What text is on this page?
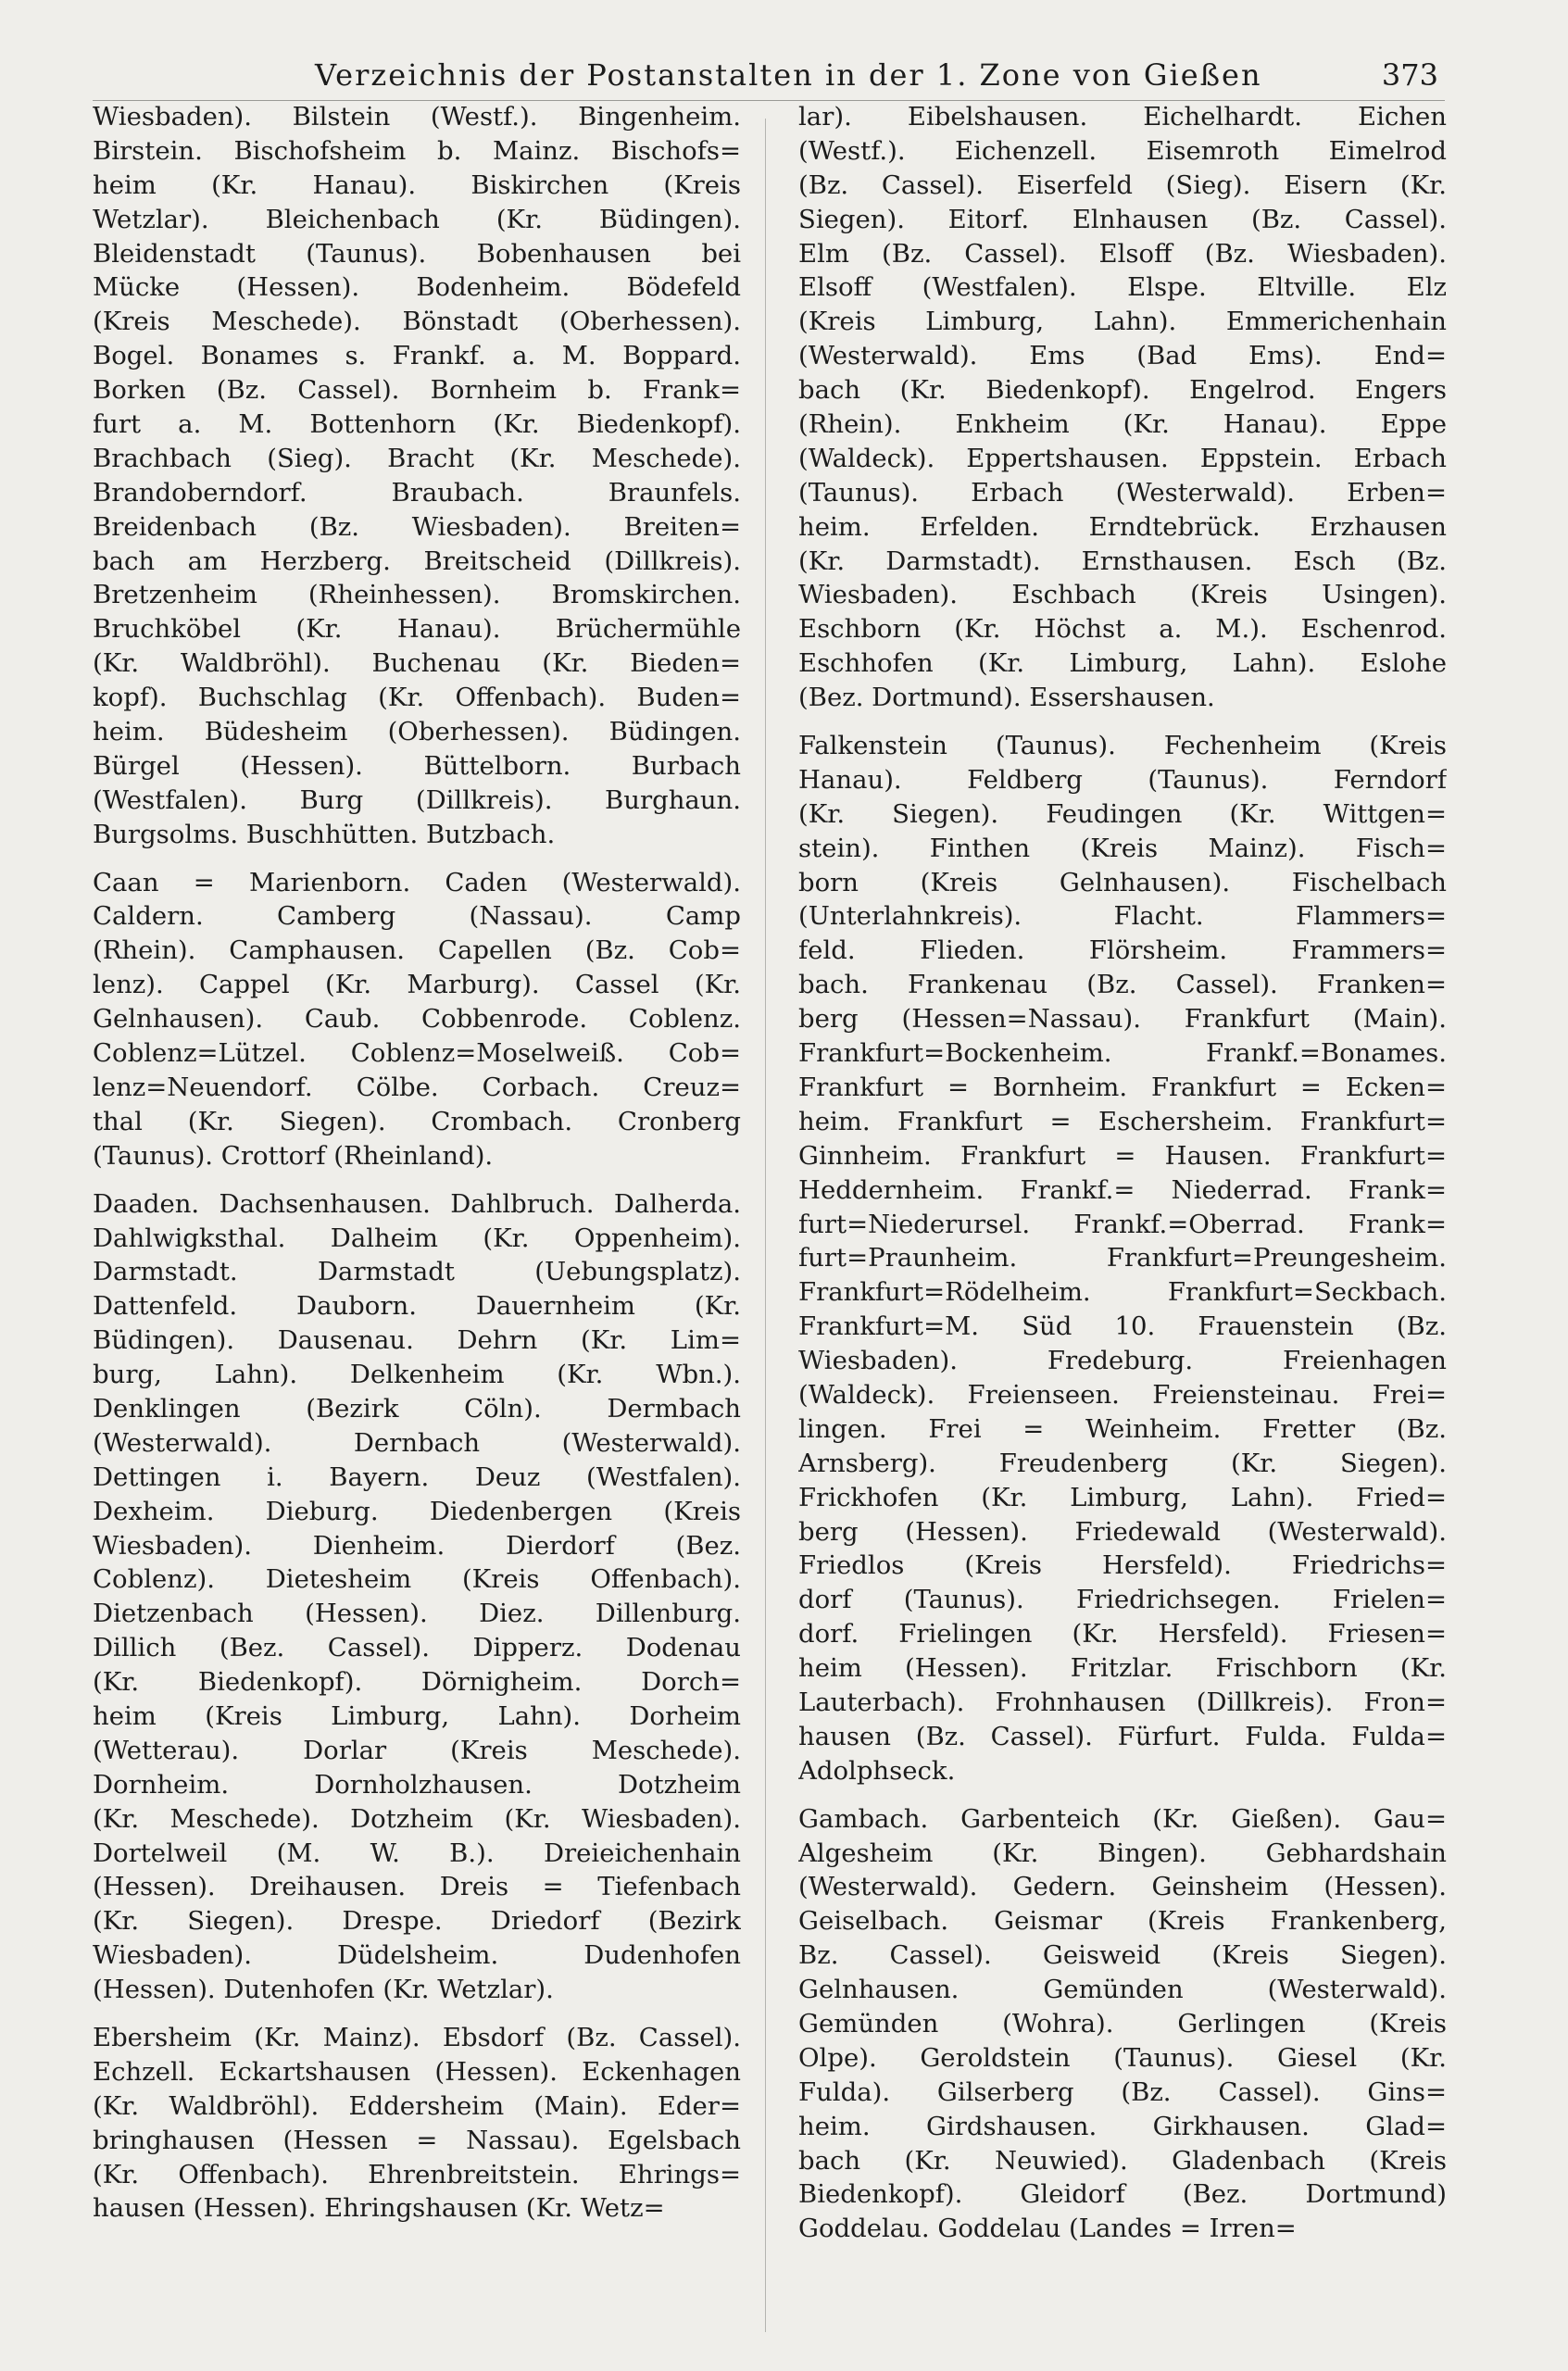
Verzeichnis der Postanstalten in der 1. Zone von Gießen	373
Wiesbaden). Bilstein (Westf.). Bingenheim.
Birstein. Bischofsheim b. Mainz. Bischofs=
heim (Kr. Hanau). Biskirchen (Kreis
Wetzlar). Bleichenbach (Kr. Büdingen).
Bleidenstadt (Taunus). Bobenhausen bei
Mücke (Hessen). Bodenheim. Bödefeld
(Kreis Meschede). Bönstadt (Oberhessen).
Bogel. Bonames s. Frankf. a. M. Boppard.
Borken (Bz. Cassel). Bornheim b. Frank=
furt a. M. Bottenhorn (Kr. Biedenkopf).
Brachbach (Sieg). Bracht (Kr. Meschede).
Brandoberndorf. Braubach. Braunfels.
Breidenbach (Bz. Wiesbaden). Breiten=
bach am Herzberg. Breitscheid (Dillkreis).
Bretzenheim (Rheinhessen). Bromskirchen.
Bruchköbel (Kr. Hanau). Brüchermühle
(Kr. Waldbröhl). Buchenau (Kr. Bieden=
kopf). Buchschlag (Kr. Offenbach). Buden=
heim. Büdesheim (Oberhessen). Büdingen.
Bürgel (Hessen). Büttelborn. Burbach
(Westfalen). Burg (Dillkreis). Burghaun.
Burgsolms. Buschhütten. Butzbach.
Caan = Marienborn. Caden (Westerwald).
Caldern. Camberg (Nassau). Camp
(Rhein). Camphausen. Capellen (Bz. Cob=
lenz). Cappel (Kr. Marburg). Cassel (Kr.
Gelnhausen). Caub. Cobbenrode. Coblenz.
Coblenz=Lützel. Coblenz=Moselweiß. Cob=
lenz=Neuendorf. Cölbe. Corbach. Creuz=
thal (Kr. Siegen). Crombach. Cronberg
(Taunus). Crottorf (Rheinland).
Daaden. Dachsenhausen. Dahlbruch. Dalherda.
Dahlwigksthal. Dalheim (Kr. Oppenheim).
Darmstadt. Darmstadt (Uebungsplatz).
Dattenfeld. Dauborn. Dauernheim (Kr.
Büdingen). Dausenau. Dehrn (Kr. Lim=
burg, Lahn). Delkenheim (Kr. Wbn.).
Denklingen (Bezirk Cöln). Dermbach
(Westerwald). Dernbach (Westerwald).
Dettingen i. Bayern. Deuz (Westfalen).
Dexheim. Dieburg. Diedenbergen (Kreis
Wiesbaden). Dienheim. Dierdorf (Bez.
Coblenz). Dietesheim (Kreis Offenbach).
Dietzenbach (Hessen). Diez. Dillenburg.
Dillich (Bez. Cassel). Dipperz. Dodenau
(Kr. Biedenkopf). Dörnigheim. Dorch=
heim (Kreis Limburg, Lahn). Dorheim
(Wetterau). Dorlar (Kreis Meschede).
Dornheim. Dornholzhausen. Dotzheim
(Kr. Meschede). Dotzheim (Kr. Wiesbaden).
Dortelweil (M. W. B.). Dreieichenhain
(Hessen). Dreihausen. Dreis = Tiefenbach
(Kr. Siegen). Drespe. Driedorf (Bezirk
Wiesbaden). Düdelsheim. Dudenhofen
(Hessen). Dutenhofen (Kr. Wetzlar).
Ebersheim (Kr. Mainz). Ebsdorf (Bz. Cassel).
Echzell. Eckartshausen (Hessen). Eckenhagen
(Kr. Waldbröhl). Eddersheim (Main). Eder=
bringhausen (Hessen = Nassau). Egelsbach
(Kr. Offenbach). Ehrenbreitstein. Ehrings=
hausen (Hessen). Ehringshausen (Kr. Wetz=
lar). Eibelshausen. Eichelhardt. Eichen
(Westf.). Eichenzell. Eisemroth Eimelrod
(Bz. Cassel). Eiserfeld (Sieg). Eisern (Kr.
Siegen). Eitorf. Elnhausen (Bz. Cassel).
Elm (Bz. Cassel). Elsoff (Bz. Wiesbaden).
Elsoff (Westfalen). Elspe. Eltville. Elz
(Kreis Limburg, Lahn). Emmerichenhain
(Westerwald). Ems (Bad Ems). End=
bach (Kr. Biedenkopf). Engelrod. Engers
(Rhein). Enkheim (Kr. Hanau). Eppe
(Waldeck). Eppertshausen. Eppstein. Erbach
(Taunus). Erbach (Westerwald). Erben=
heim. Erfelden. Erndtebrück. Erzhausen
(Kr. Darmstadt). Ernsthausen. Esch (Bz.
Wiesbaden). Eschbach (Kreis Usingen).
Eschborn (Kr. Höchst a. M.). Eschenrod.
Eschhofen (Kr. Limburg, Lahn). Eslohe
(Bez. Dortmund). Essershausen.
Falkenstein (Taunus). Fechenheim (Kreis
Hanau). Feldberg (Taunus). Ferndorf
(Kr. Siegen). Feudingen (Kr. Wittgen=
stein). Finthen (Kreis Mainz). Fisch=
born (Kreis Gelnhausen). Fischelbach
(Unterlahnkreis). Flacht. Flammers=
feld. Flieden. Flörsheim. Frammers=
bach. Frankenau (Bz. Cassel). Franken=
berg (Hessen=Nassau). Frankfurt (Main).
Frankfurt=Bockenheim. Frankf.=Bonames.
Frankfurt = Bornheim. Frankfurt = Ecken=
heim. Frankfurt = Eschersheim. Frankfurt=
Ginnheim. Frankfurt = Hausen. Frankfurt=
Heddernheim. Frankf.= Niederrad. Frank=
furt=Niederursel. Frankf.=Oberrad. Frank=
furt=Praunheim. Frankfurt=Preungesheim.
Frankfurt=Rödelheim. Frankfurt=Seckbach.
Frankfurt=M. Süd 10. Frauenstein (Bz.
Wiesbaden). Fredeburg. Freienhagen
(Waldeck). Freienseen. Freiensteinau. Frei=
lingen. Frei = Weinheim. Fretter (Bz.
Arnsberg). Freudenberg (Kr. Siegen).
Frickhofen (Kr. Limburg, Lahn). Fried=
berg (Hessen). Friedewald (Westerwald).
Friedlos (Kreis Hersfeld). Friedrichs=
dorf (Taunus). Friedrichsegen. Frielen=
dorf. Frielingen (Kr. Hersfeld). Friesen=
heim (Hessen). Fritzlar. Frischborn (Kr.
Lauterbach). Frohnhausen (Dillkreis). Fron=
hausen (Bz. Cassel). Fürfurt. Fulda. Fulda=
Adolphseck.
Gambach. Garbenteich (Kr. Gießen). Gau=
Algesheim (Kr. Bingen). Gebhardshain
(Westerwald). Gedern. Geinsheim (Hessen).
Geiselbach. Geismar (Kreis Frankenberg,
Bz. Cassel). Geisweid (Kreis Siegen).
Gelnhausen. Gemünden (Westerwald).
Gemünden (Wohra). Gerlingen (Kreis
Olpe). Geroldstein (Taunus). Giesel (Kr.
Fulda). Gilserberg (Bz. Cassel). Gins=
heim. Girdshausen. Girkhausen. Glad=
bach (Kr. Neuwied). Gladenbach (Kreis
Biedenkopf). Gleidorf (Bez. Dortmund)
Goddelau. Goddelau (Landes = Irren=
